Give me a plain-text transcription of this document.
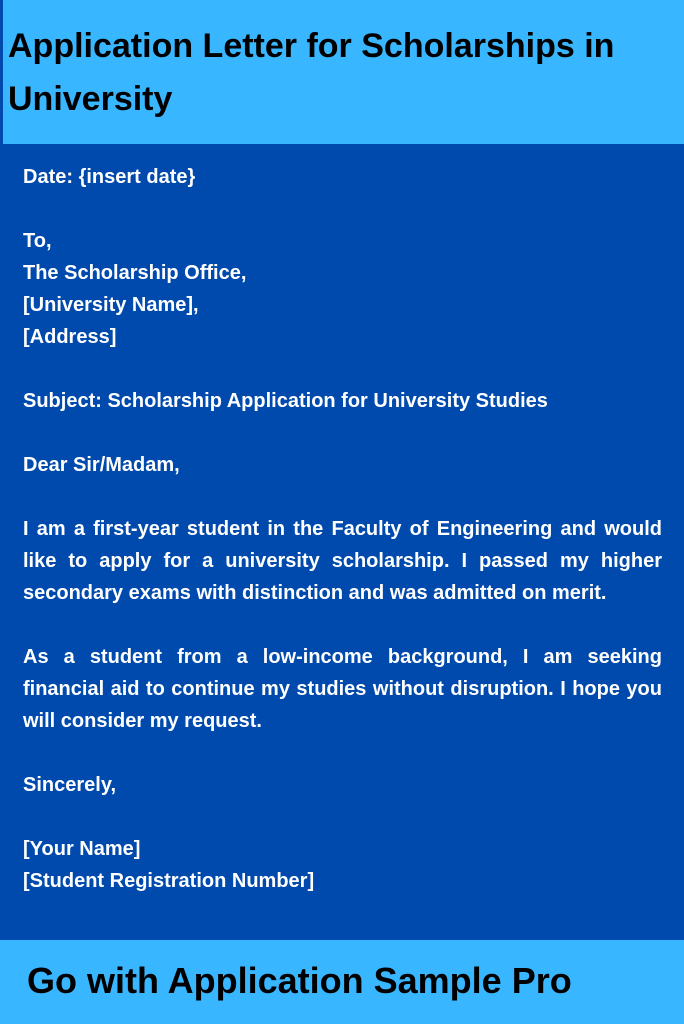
Application Letter for Scholarships in University

Date: {insert date}

To,

The Scholarship Office,

[University Name],

[Address]

Subject: Scholarship Application for University Studies

Dear Sir/Madam,

I am a first-year student in the Faculty of Engineering and would like to apply for a university scholarship. I passed my higher secondary exams with distinction and was admitted on merit.

As a student from a low-income background, I am seeking financial aid to continue my studies without disruption. I hope you will consider my request.

Sincerely,

[Your Name]

[Student Registration Number]

Go with Application Sample Pro
